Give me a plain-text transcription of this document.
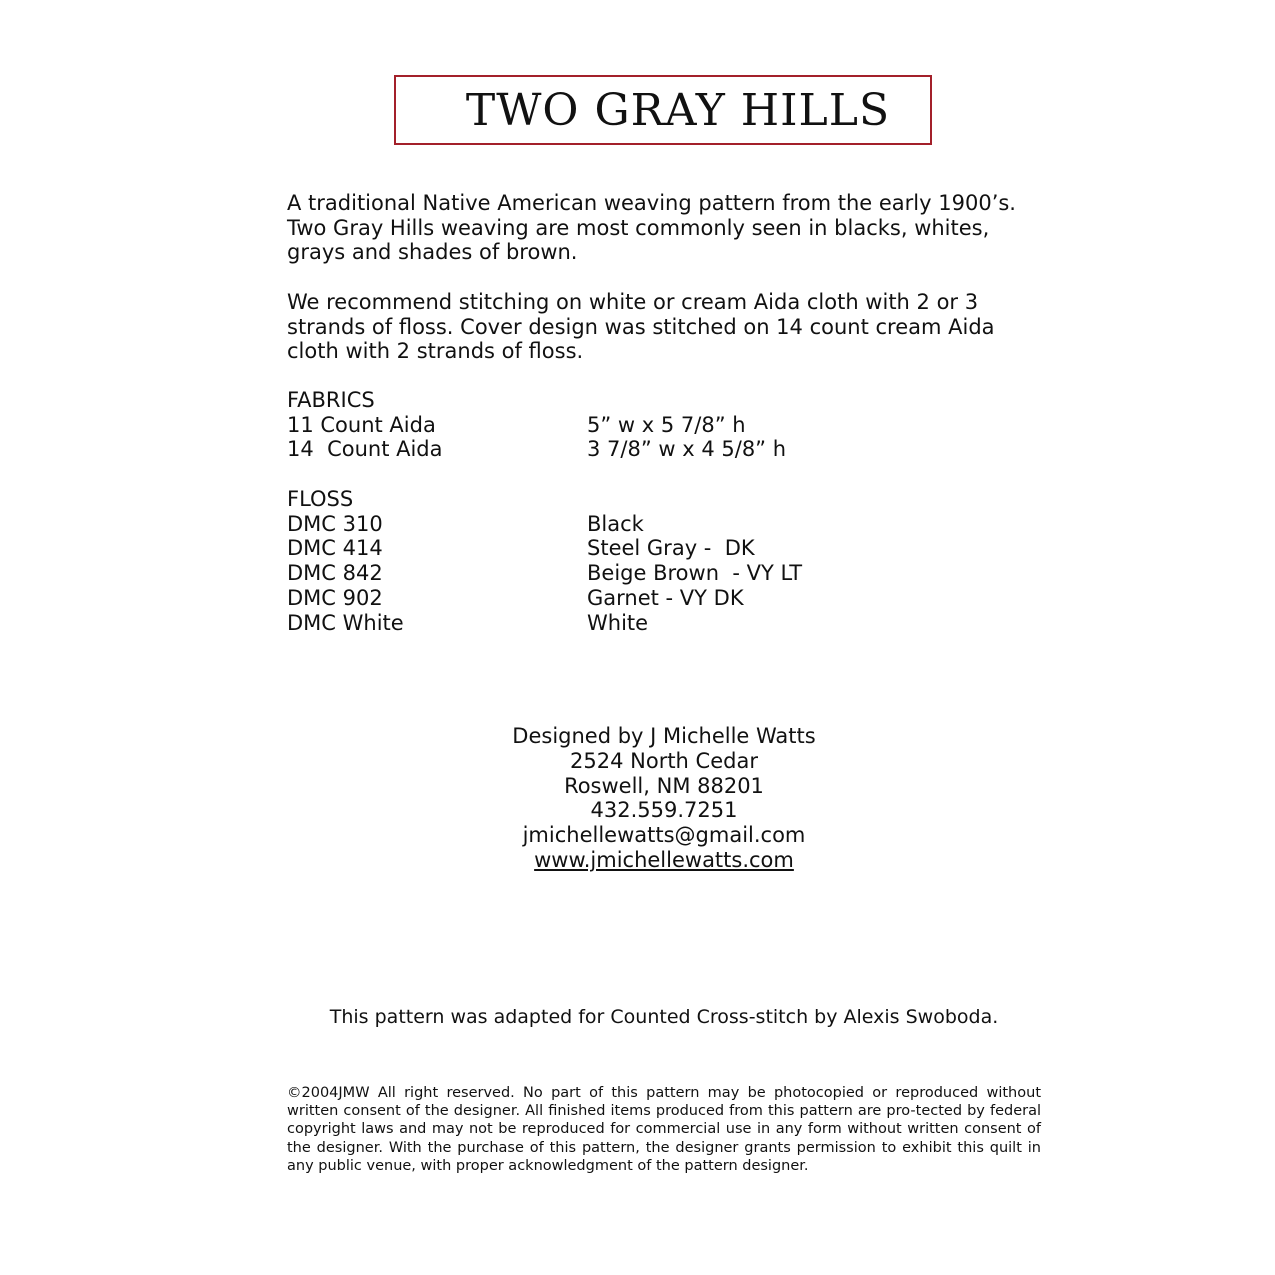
TWO GRAY HILLS
A traditional Native American weaving pattern from the early 1900’s.
Two Gray Hills weaving are most commonly seen in blacks, whites,
grays and shades of brown.
We recommend stitching on white or cream Aida cloth with 2 or 3
strands of floss. Cover design was stitched on 14 count cream Aida
cloth with 2 strands of floss.
FABRICS
11 Count Aida	5” w x 5 7/8” h
14  Count Aida	3 7/8” w x 4 5/8” h
FLOSS
DMC 310	Black
DMC 414	Steel Gray -  DK
DMC 842	Beige Brown  - VY LT
DMC 902	Garnet - VY DK
DMC White	White
Designed by J Michelle Watts
2524 North Cedar
Roswell, NM 88201
432.559.7251
jmichellewatts@gmail.com
www.jmichellewatts.com
This pattern was adapted for Counted Cross-stitch by Alexis Swoboda.
©2004JMW All right reserved. No part of this pattern may be photocopied or reproduced without written consent of the designer. All finished items produced from this pattern are pro-tected by federal copyright laws and may not be reproduced for commercial use in any form without written consent of the designer. With the purchase of this pattern, the designer grants permission to exhibit this quilt in any public venue, with proper acknowledgment of the pattern designer.
